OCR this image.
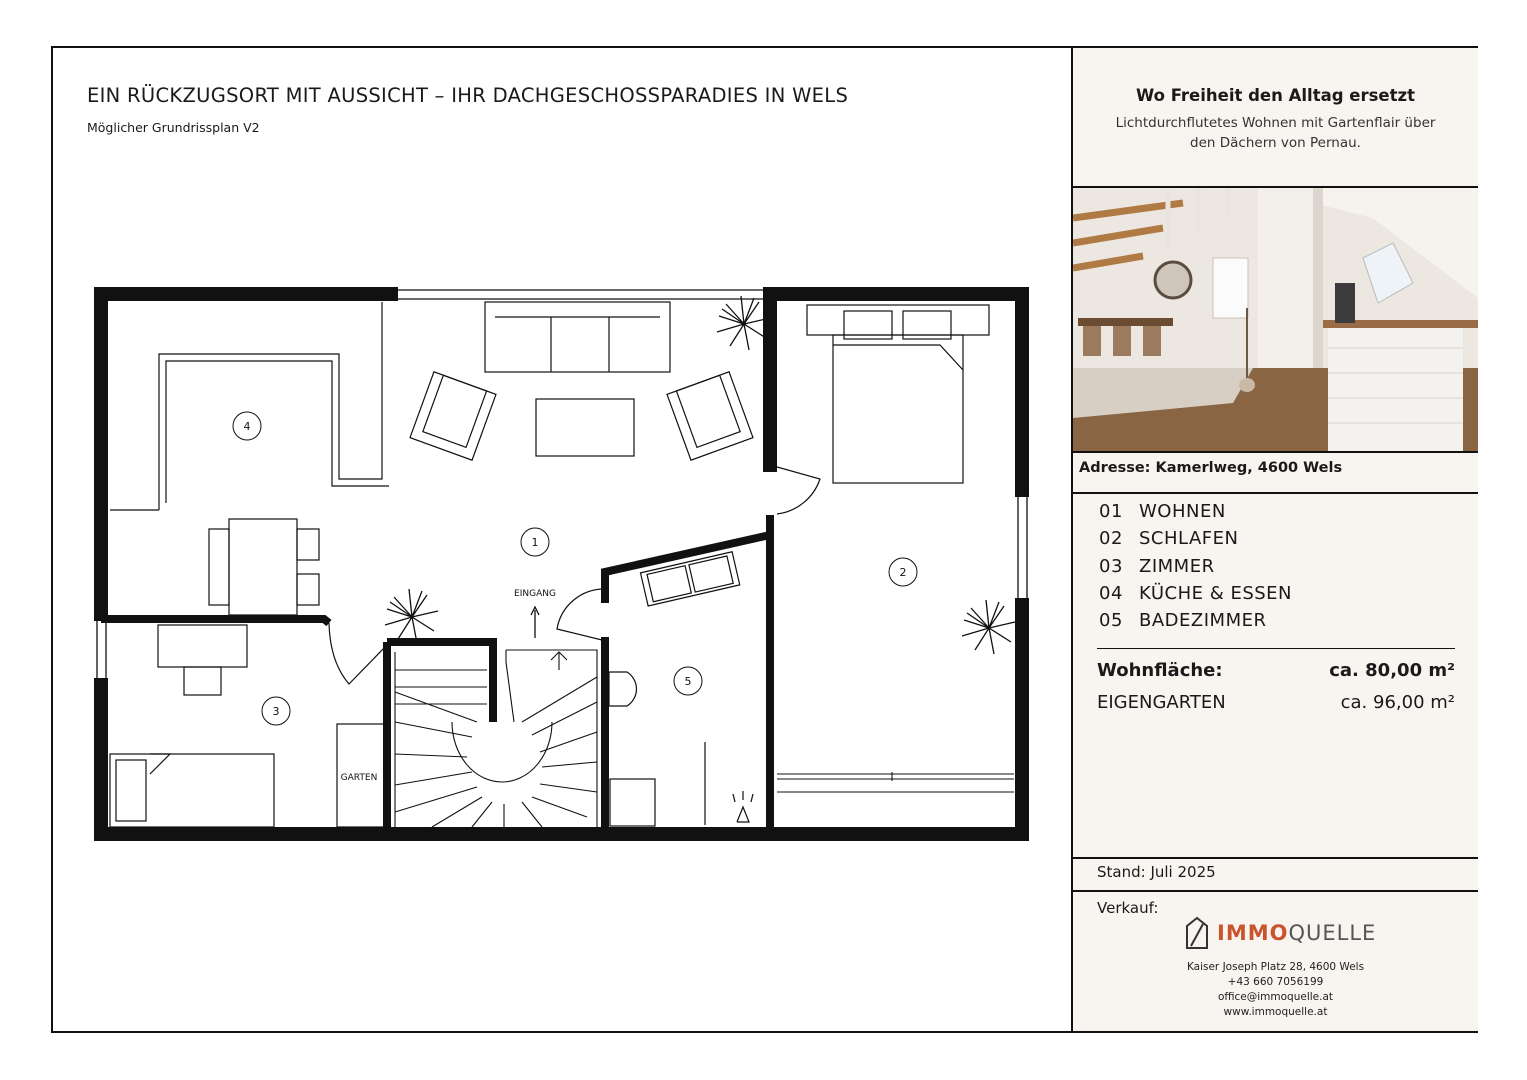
EIN RÜCKZUGSORT MIT AUSSICHT – IHR DACHGESCHOSSPARADIES IN WELS
Möglicher Grundrissplan V2
1
2
3
4
5
EINGANG
GARTEN
Wo Freiheit den Alltag ersetzt
Lichtdurchflutetes Wohnen mit Gartenflair über den Dächern von Pernau.
Adresse: Kamerlweg, 4600 Wels
01 WOHNEN
02 SCHLAFEN
03 ZIMMER
04 KÜCHE & ESSEN
05 BADEZIMMER
Wohnfläche:	ca. 80,00 m²
EIGENGARTEN	ca. 96,00 m²
Stand: Juli 2025
Verkauf:
IMMOQUELLE
Kaiser Joseph Platz 28, 4600 Wels
+43 660 7056199
office@immoquelle.at
www.immoquelle.at
